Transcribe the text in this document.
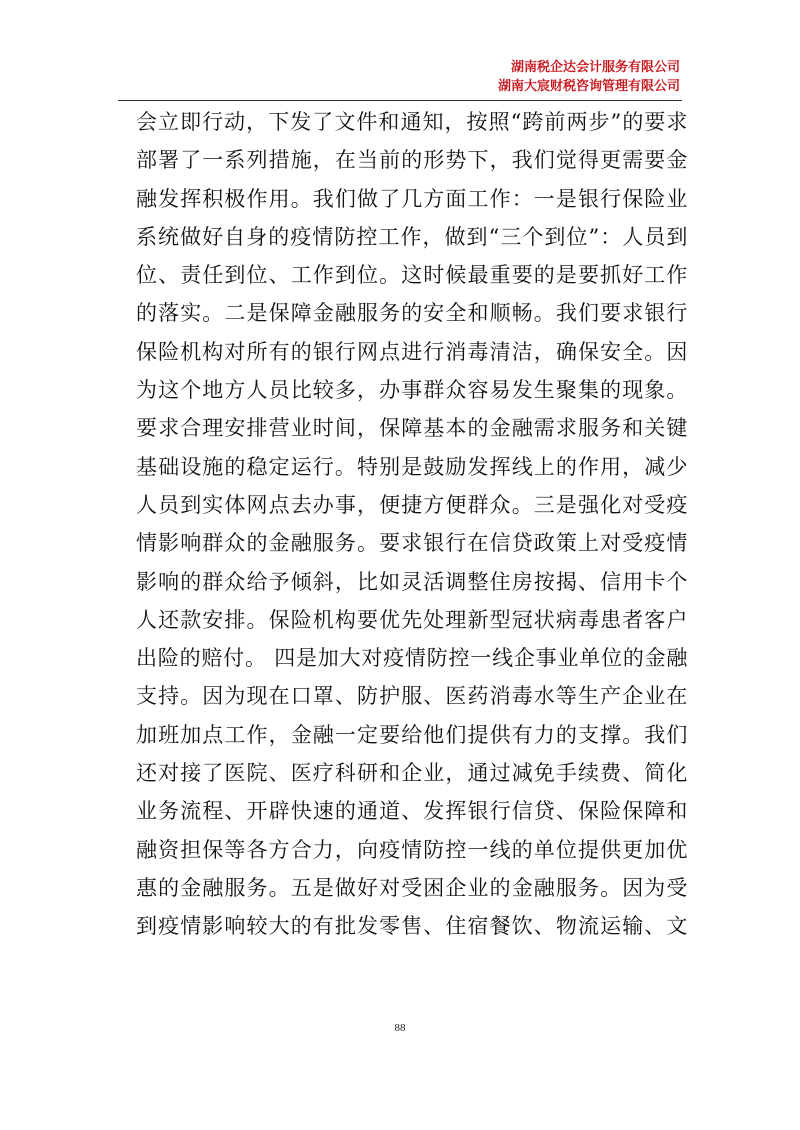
湖南税企达会计服务有限公司
湖南大宸财税咨询管理有限公司
会立即行动，下发了文件和通知，按照“跨前两步”的要求
部署了一系列措施，在当前的形势下，我们觉得更需要金
融发挥积极作用。我们做了几方面工作：一是银行保险业
系统做好自身的疫情防控工作，做到“三个到位”：人员到
位、责任到位、工作到位。这时候最重要的是要抓好工作
的落实。二是保障金融服务的安全和顺畅。我们要求银行
保险机构对所有的银行网点进行消毒清洁，确保安全。因
为这个地方人员比较多，办事群众容易发生聚集的现象。
要求合理安排营业时间，保障基本的金融需求服务和关键
基础设施的稳定运行。特别是鼓励发挥线上的作用，减少
人员到实体网点去办事，便捷方便群众。三是强化对受疫
情影响群众的金融服务。要求银行在信贷政策上对受疫情
影响的群众给予倾斜，比如灵活调整住房按揭、信用卡个
人还款安排。保险机构要优先处理新型冠状病毒患者客户
出险的赔付。 四是加大对疫情防控一线企事业单位的金融
支持。因为现在口罩、防护服、医药消毒水等生产企业在
加班加点工作，金融一定要给他们提供有力的支撑。我们
还对接了医院、医疗科研和企业，通过减免手续费、简化
业务流程、开辟快速的通道、发挥银行信贷、保险保障和
融资担保等各方合力，向疫情防控一线的单位提供更加优
惠的金融服务。五是做好对受困企业的金融服务。因为受
到疫情影响较大的有批发零售、住宿餐饮、物流运输、文
88
